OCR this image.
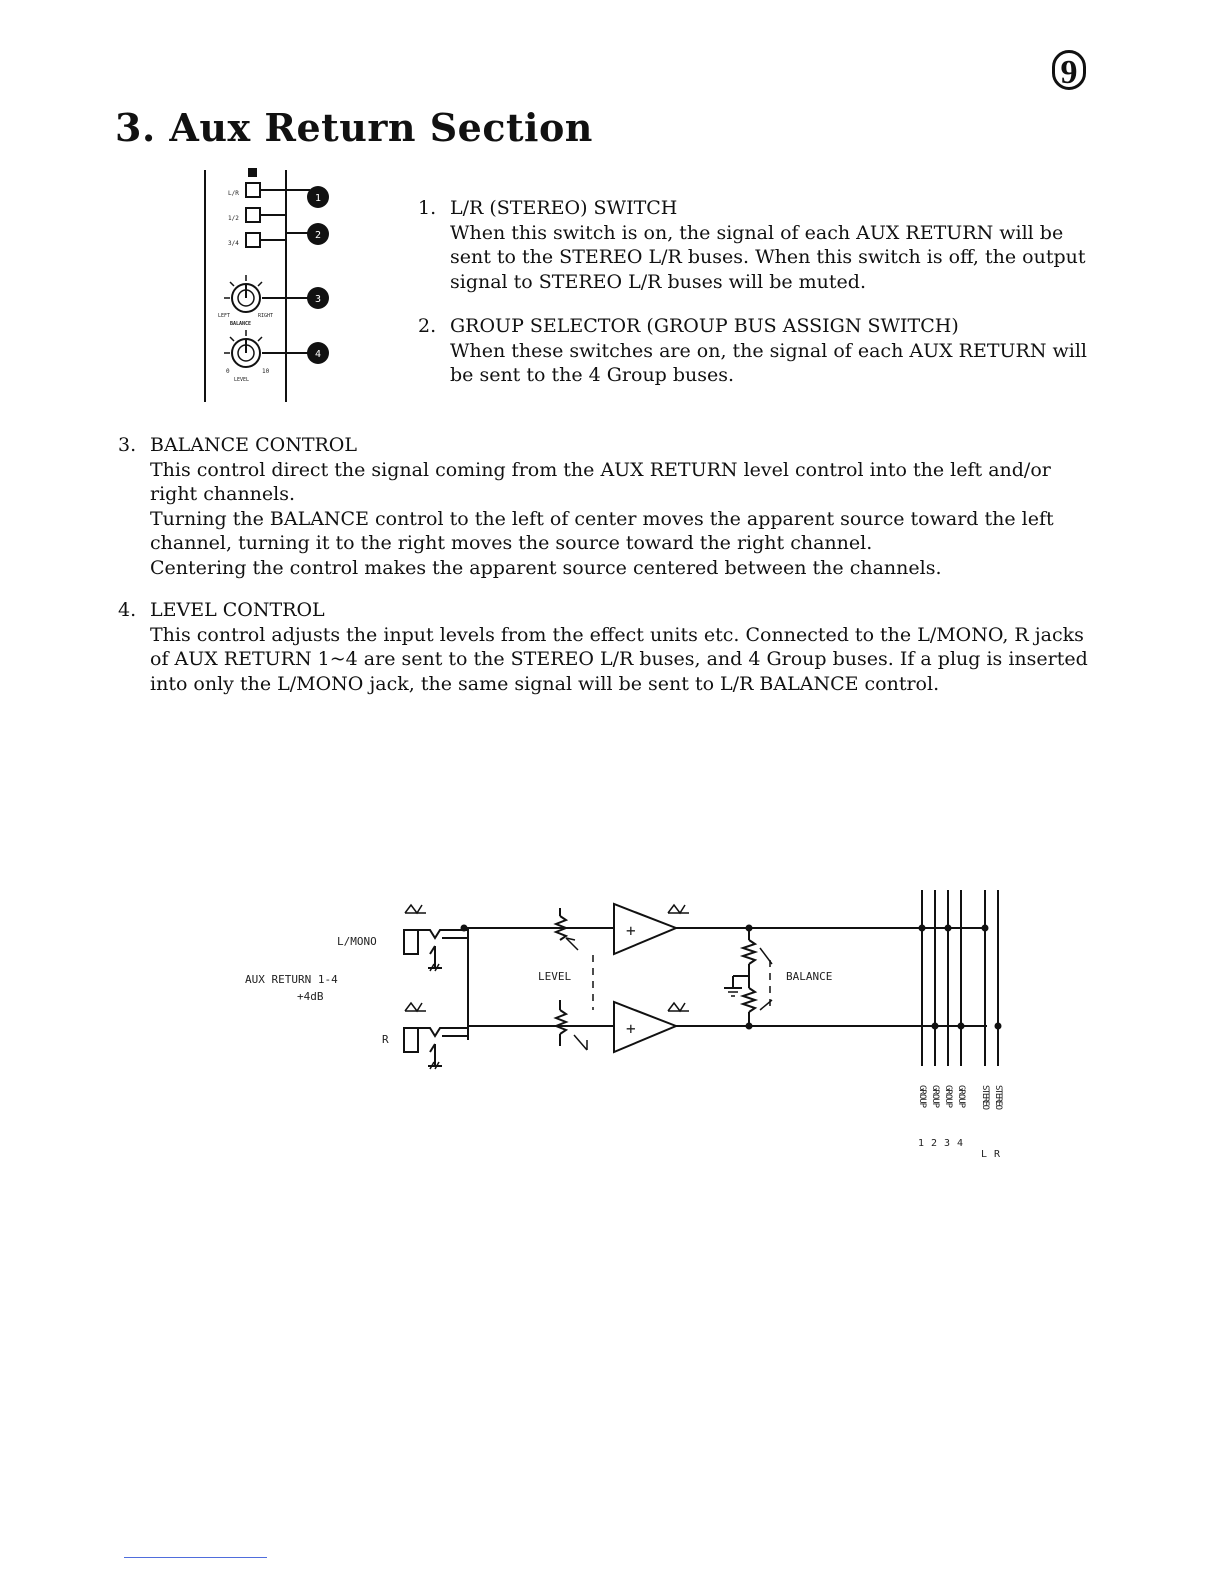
9
3. Aux Return Section
L/R
1/2
3/4
LEFT	RIGHT
BALANCE
0	10
LEVEL
1
2
3
4
1. L/R (STEREO) SWITCH
When this switch is on, the signal of each AUX RETURN will be sent to the STEREO L/R buses. When this switch is off, the output signal to STEREO L/R buses will be muted.
2. GROUP SELECTOR (GROUP BUS ASSIGN SWITCH)
When these switches are on, the signal of each AUX RETURN will be sent to the 4 Group buses.
3. BALANCE CONTROL
This control direct the signal coming from the AUX RETURN level control into the left and/or right channels.
Turning the BALANCE control to the left of center moves the apparent source toward the left channel, turning it to the right moves the source toward the right channel.
Centering the control makes the apparent source centered between the channels.
4. LEVEL CONTROL
This control adjusts the input levels from the effect units etc. Connected to the L/MONO, R jacks of AUX RETURN 1~4 are sent to the STEREO L/R buses, and 4 Group buses. If a plug is inserted into only the L/MONO jack, the same signal will be sent to L/R BALANCE control.
AUX RETURN 1-4
+4dB
L/MONO
R
LEVEL
+
+
BALANCE
GROUP GROUP GROUP GROUP
1 2 3 4
STEREO STEREO
L R
